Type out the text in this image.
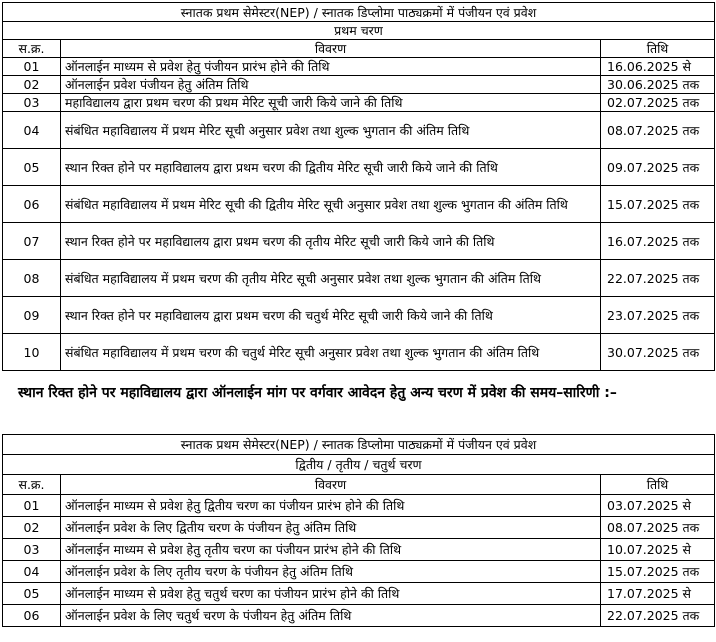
स्नातक प्रथम सेमेस्टर(NEP) / स्नातक डिप्लोमा पाठ्यक्रमों में पंजीयन एवं प्रवेश		
प्रथम चरण		
स.क्र.	विवरण	तिथि
01	ऑनलाईन माध्यम से प्रवेश हेतु पंजीयन प्रारंभ होने की तिथि	16.06.2025 से
02	ऑनलाईन प्रवेश पंजीयन हेतु अंतिम तिथि	30.06.2025 तक
03	महाविद्यालय द्वारा प्रथम चरण की प्रथम मेरिट सूची जारी किये जाने की तिथि	02.07.2025 तक
04	संबंधित महाविद्यालय में प्रथम मेरिट सूची अनुसार प्रवेश तथा शुल्क भुगतान की अंतिम तिथि	08.07.2025 तक
05	स्थान रिक्त होने पर महाविद्यालय द्वारा प्रथम चरण की द्वितीय मेरिट सूची जारी किये जाने की तिथि	09.07.2025 तक
06	संबंधित महाविद्यालय में प्रथम मेरिट सूची की द्वितीय मेरिट सूची अनुसार प्रवेश तथा शुल्क भुगतान की अंतिम तिथि	15.07.2025 तक
07	स्थान रिक्त होने पर महाविद्यालय द्वारा प्रथम चरण की तृतीय मेरिट सूची जारी किये जाने की तिथि	16.07.2025 तक
08	संबंधित महाविद्यालय में प्रथम चरण की तृतीय मेरिट सूची अनुसार प्रवेश तथा शुल्क भुगतान की अंतिम तिथि	22.07.2025 तक
09	स्थान रिक्त होने पर महाविद्यालय द्वारा प्रथम चरण की चतुर्थ मेरिट सूची जारी किये जाने की तिथि	23.07.2025 तक
10	संबंधित महाविद्यालय में प्रथम चरण की चतुर्थ मेरिट सूची अनुसार प्रवेश तथा शुल्क भुगतान की अंतिम तिथि	30.07.2025 तक

स्थान रिक्त होने पर महाविद्यालय द्वारा ऑनलाईन मांग पर वर्गवार आवेदन हेतु अन्य चरण में प्रवेश की समय–सारिणी :–

स्नातक प्रथम सेमेस्टर(NEP) / स्नातक डिप्लोमा पाठ्यक्रमों में पंजीयन एवं प्रवेश		
द्वितीय / तृतीय / चतुर्थ चरण		
स.क्र.	विवरण	तिथि
01	ऑनलाईन माध्यम से प्रवेश हेतु द्वितीय चरण का पंजीयन प्रारंभ होने की तिथि	03.07.2025 से
02	ऑनलाईन प्रवेश के लिए द्वितीय चरण के पंजीयन हेतु अंतिम तिथि	08.07.2025 तक
03	ऑनलाईन माध्यम से प्रवेश हेतु तृतीय चरण का पंजीयन प्रारंभ होने की तिथि	10.07.2025 से
04	ऑनलाईन प्रवेश के लिए तृतीय चरण के पंजीयन हेतु अंतिम तिथि	15.07.2025 तक
05	ऑनलाईन माध्यम से प्रवेश हेतु चतुर्थ चरण का पंजीयन प्रारंभ होने की तिथि	17.07.2025 से
06	ऑनलाईन प्रवेश के लिए चतुर्थ चरण के पंजीयन हेतु अंतिम तिथि	22.07.2025 तक
